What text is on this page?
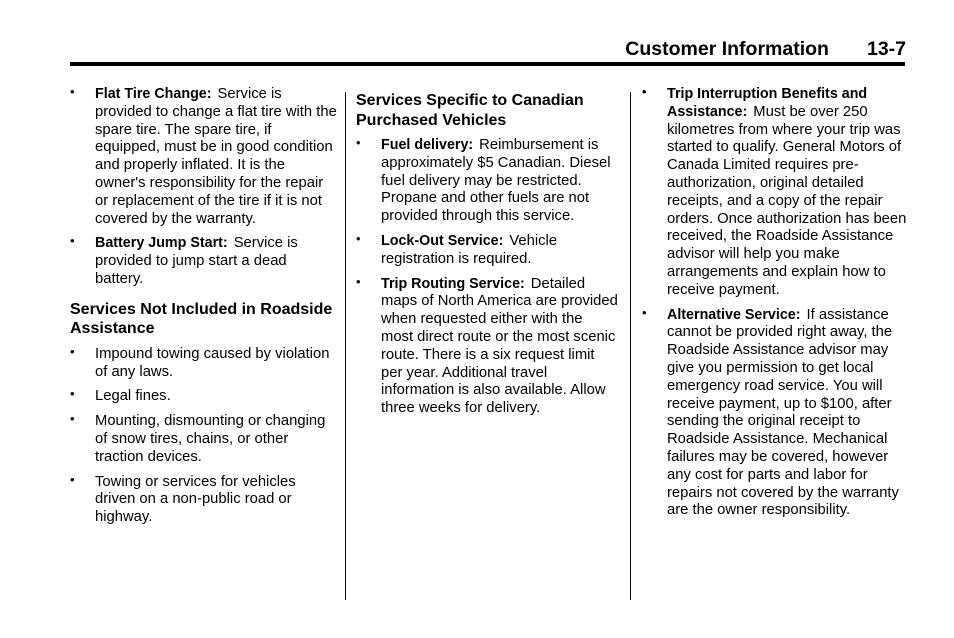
Customer Information 13-7
• Flat Tire Change: Service is provided to change a flat tire with the spare tire. The spare tire, if equipped, must be in good condition and properly inflated. It is the owner's responsibility for the repair or replacement of the tire if it is not covered by the warranty.
• Battery Jump Start: Service is provided to jump start a dead battery.
Services Not Included in Roadside Assistance
• Impound towing caused by violation of any laws.
• Legal fines.
• Mounting, dismounting or changing of snow tires, chains, or other traction devices.
• Towing or services for vehicles driven on a non-public road or highway.
Services Specific to Canadian Purchased Vehicles
• Fuel delivery: Reimbursement is approximately $5 Canadian. Diesel fuel delivery may be restricted. Propane and other fuels are not provided through this service.
• Lock-Out Service: Vehicle registration is required.
• Trip Routing Service: Detailed maps of North America are provided when requested either with the most direct route or the most scenic route. There is a six request limit per year. Additional travel information is also available. Allow three weeks for delivery.
• Trip Interruption Benefits and Assistance: Must be over 250 kilometres from where your trip was started to qualify. General Motors of Canada Limited requires pre-authorization, original detailed receipts, and a copy of the repair orders. Once authorization has been received, the Roadside Assistance advisor will help you make arrangements and explain how to receive payment.
• Alternative Service: If assistance cannot be provided right away, the Roadside Assistance advisor may give you permission to get local emergency road service. You will receive payment, up to $100, after sending the original receipt to Roadside Assistance. Mechanical failures may be covered, however any cost for parts and labor for repairs not covered by the warranty are the owner responsibility.
